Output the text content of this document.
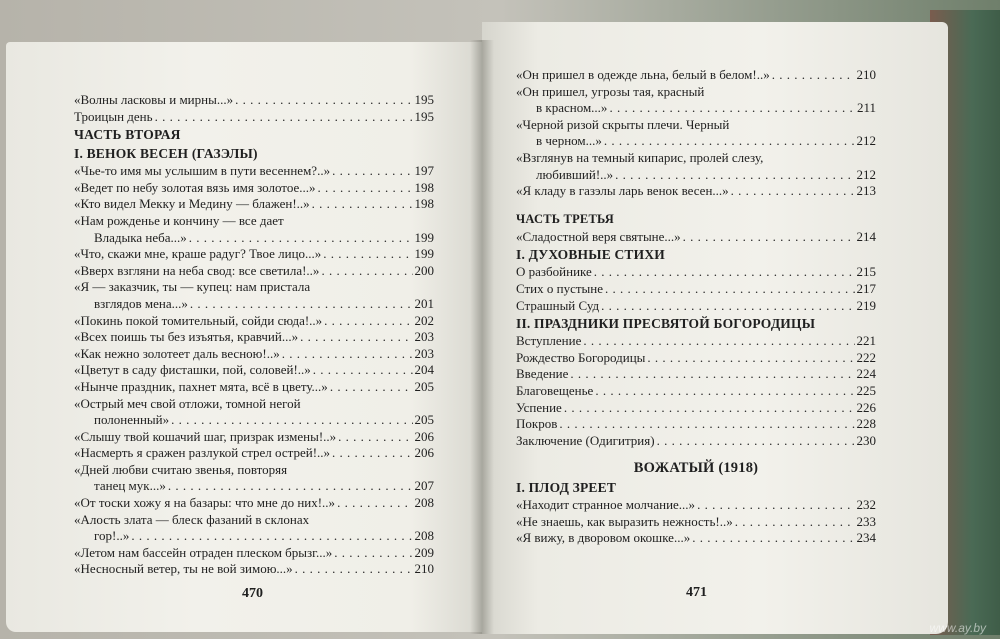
«Волны ласковы и мирны...» . . .	195
Троицын день . . .	195
ЧАСТЬ ВТОРАЯ
I. ВЕНОК ВЕСЕН (ГАЗЭЛЫ)
«Чье-то имя мы услышим в пути весеннем?..» . . .	197
«Ведет по небу золотая вязь имя золотое...» . . .	198
«Кто видел Мекку и Медину — блажен!..» . . .	198
«Нам рожденье и кончину — все дает
Владыка неба...» . . .	199
«Что, скажи мне, краше радуг? Твое лицо...» . . .	199
«Вверх взгляни на неба свод: все светила!..» . . .	200
«Я — заказчик, ты — купец: нам пристала
взглядов мена...» . . .	201
«Покинь покой томительный, сойди сюда!..» . . .	202
«Всех поишь ты без изъятья, кравчий...» . . .	203
«Как нежно золотеет даль весною!..» . . .	203
«Цветут в саду фисташки, пой, соловей!..» . . .	204
«Нынче праздник, пахнет мята, всё в цвету...» . . .	205
«Острый меч свой отложи, томной негой
полоненный» . . .	205
«Слышу твой кошачий шаг, призрак измены!..» . . .	206
«Насмерть я сражен разлукой стрел острей!..» . . .	206
«Дней любви считаю звенья, повторяя
танец мук...» . . .	207
«От тоски хожу я на базары: что мне до них!..» . . .	208
«Алость злата — блеск фазаний в склонах
гор!..» . . .	208
«Летом нам бассейн отраден плеском брызг...» . . .	209
«Несносный ветер, ты не вой зимою...» . . .	210
470
«Он пришел в одежде льна, белый в белом!..» . . .	210
«Он пришел, угрозы тая, красный
в красном...» . . .	211
«Черной ризой скрыты плечи. Черный
в черном...» . . .	212
«Взглянув на темный кипарис, пролей слезу,
любивший!..» . . .	212
«Я кладу в газэлы ларь венок весен...» . . .	213
ЧАСТЬ ТРЕТЬЯ
«Сладостной веря святыне...» . . .	214
I. ДУХОВНЫЕ СТИХИ
О разбойнике . . .	215
Стих о пустыне . . .	217
Страшный Суд . . .	219
II. ПРАЗДНИКИ ПРЕСВЯТОЙ БОГОРОДИЦЫ
Вступление . . .	221
Рождество Богородицы . . .	222
Введение . . .	224
Благовещенье . . .	225
Успение . . .	226
Покров . . .	228
Заключение (Одигитрия) . . .	230
ВОЖАТЫЙ (1918)
I. ПЛОД ЗРЕЕТ
«Находит странное молчание...» . . .	232
«Не знаешь, как выразить нежность!..» . . .	233
«Я вижу, в дворовом окошке...» . . .	234
471
www.ay.by
